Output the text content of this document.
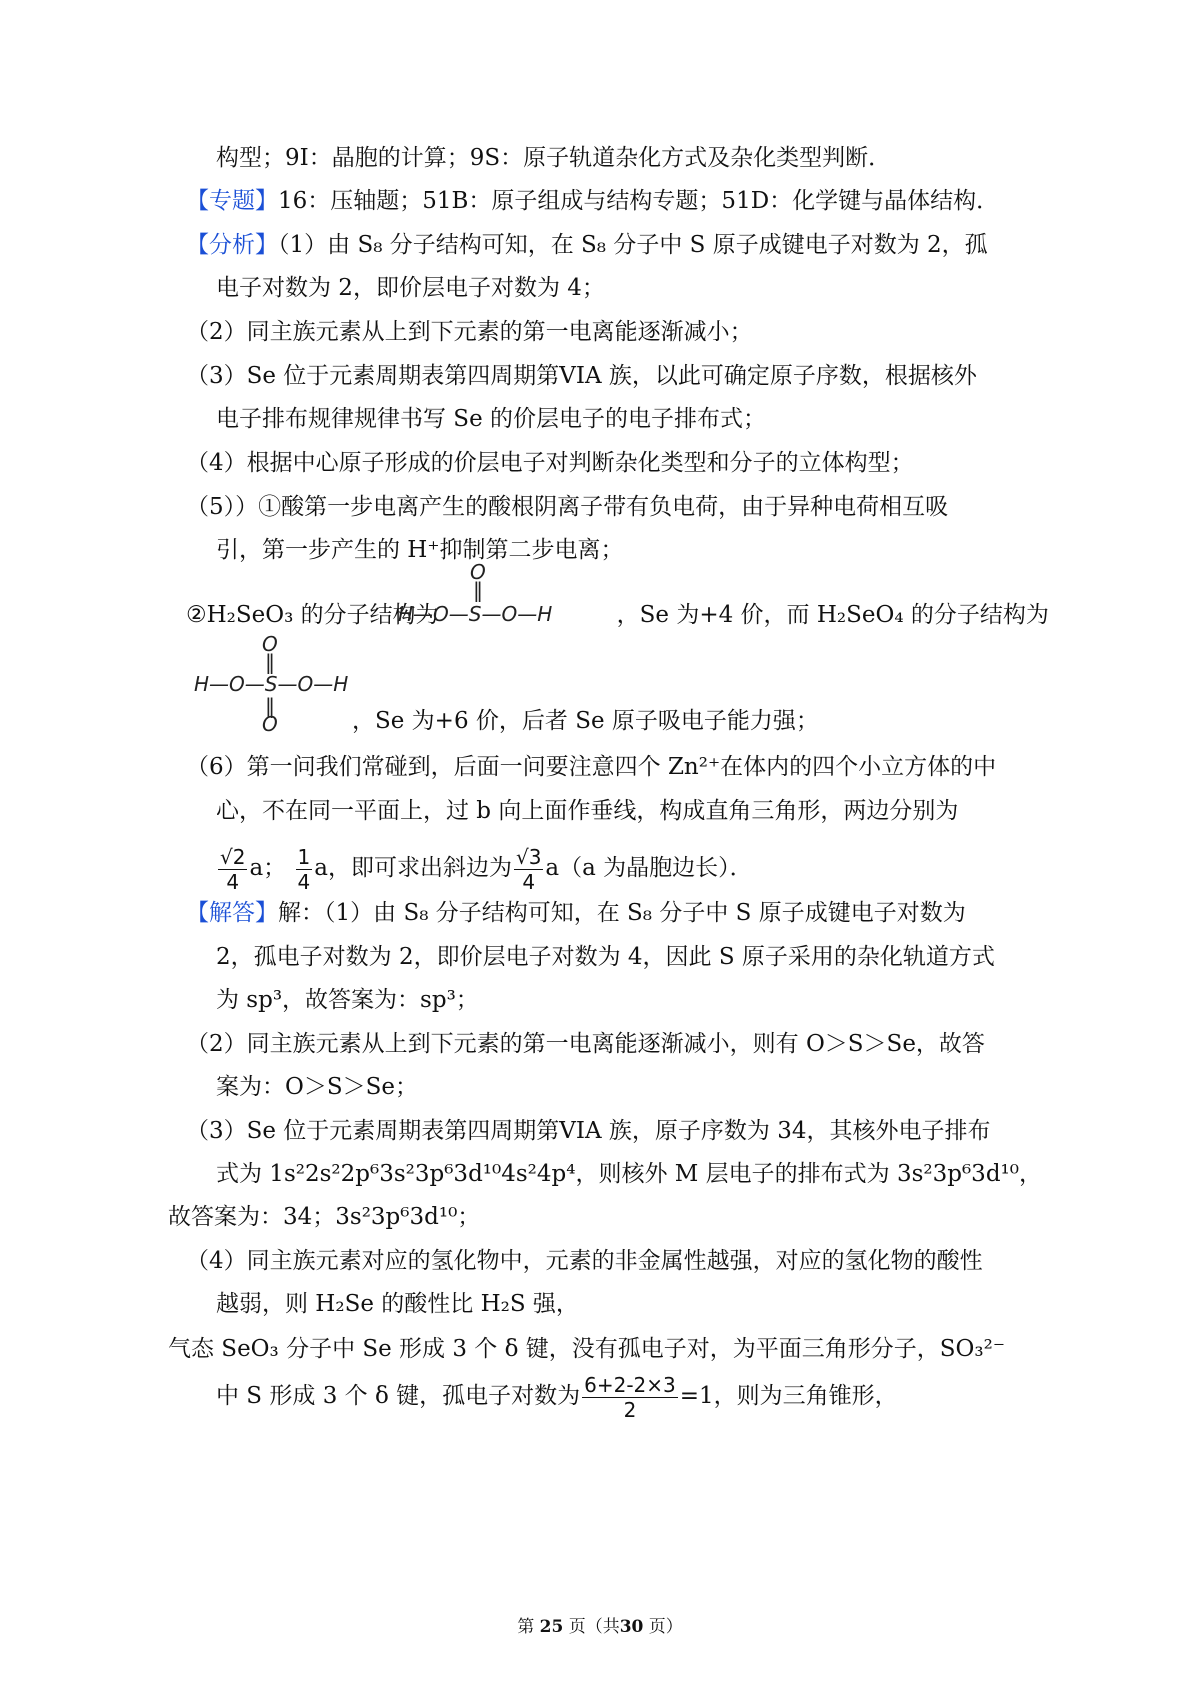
构型；9I：晶胞的计算；9S：原子轨道杂化方式及杂化类型判断．
【专题】16：压轴题；51B：原子组成与结构专题；51D：化学键与晶体结构．
【分析】（1）由 S₈ 分子结构可知，在 S₈ 分子中 S 原子成键电子对数为 2，孤
电子对数为 2，即价层电子对数为 4；
（2）同主族元素从上到下元素的第一电离能逐渐减小；
（3）Se 位于元素周期表第四周期第VIA 族，以此可确定原子序数，根据核外
电子排布规律规律书写 Se 的价层电子的电子排布式；
（4）根据中心原子形成的价层电子对判断杂化类型和分子的立体构型；
（5））①酸第一步电离产生的酸根阴离子带有负电荷，由于异种电荷相互吸
引，第一步产生的 H⁺抑制第二步电离；
②H₂SeO₃ 的分子结构为	，Se 为+4 价，而 H₂SeO₄ 的分子结构为
O
‖
H—O—S—O—H
O
‖
H—O—S—O—H
‖
O	，Se 为+6 价，后者 Se 原子吸电子能力强；
（6）第一问我们常碰到，后面一问要注意四个 Zn²⁺在体内的四个小立方体的中
心，不在同一平面上，过 b 向上面作垂线，构成直角三角形，两边分别为
$\frac{√2}{4}$ a； $\frac{1}{4}$ a，即可求出斜边为 $\frac{√3}{4} a(a$ 为晶胞边长）．
【解答】解：（1）由 S₈ 分子结构可知，在 S₈ 分子中 S 原子成键电子对数为
2，孤电子对数为 2，即价层电子对数为 4，因此 S 原子采用的杂化轨道方式
为 sp³，故答案为：sp³；
（2）同主族元素从上到下元素的第一电离能逐渐减小，则有 O＞S＞Se，故答
案为：O＞S＞Se；
（3）Se 位于元素周期表第四周期第VIA 族，原子序数为 34，其核外电子排布
式为 1s²2s²2p⁶3s²3p⁶3d¹⁰4s²4p⁴，则核外 M 层电子的排布式为 3s²3p⁶3d¹⁰，
故答案为：34；3s²3p⁶3d¹⁰；
（4）同主族元素对应的氢化物中，元素的非金属性越强，对应的氢化物的酸性
越弱，则 H₂Se 的酸性比 H₂S 强，
气态 SeO₃ 分子中 Se 形成 3 个 δ 键，没有孤电子对，为平面三角形分子，SO₃²⁻
中 S 形成 3 个 δ 键，孤电子对数为 $\frac{6+2-2\times 3}{2} =1$，则为三角锥形，
第 25 页（共30 页）
